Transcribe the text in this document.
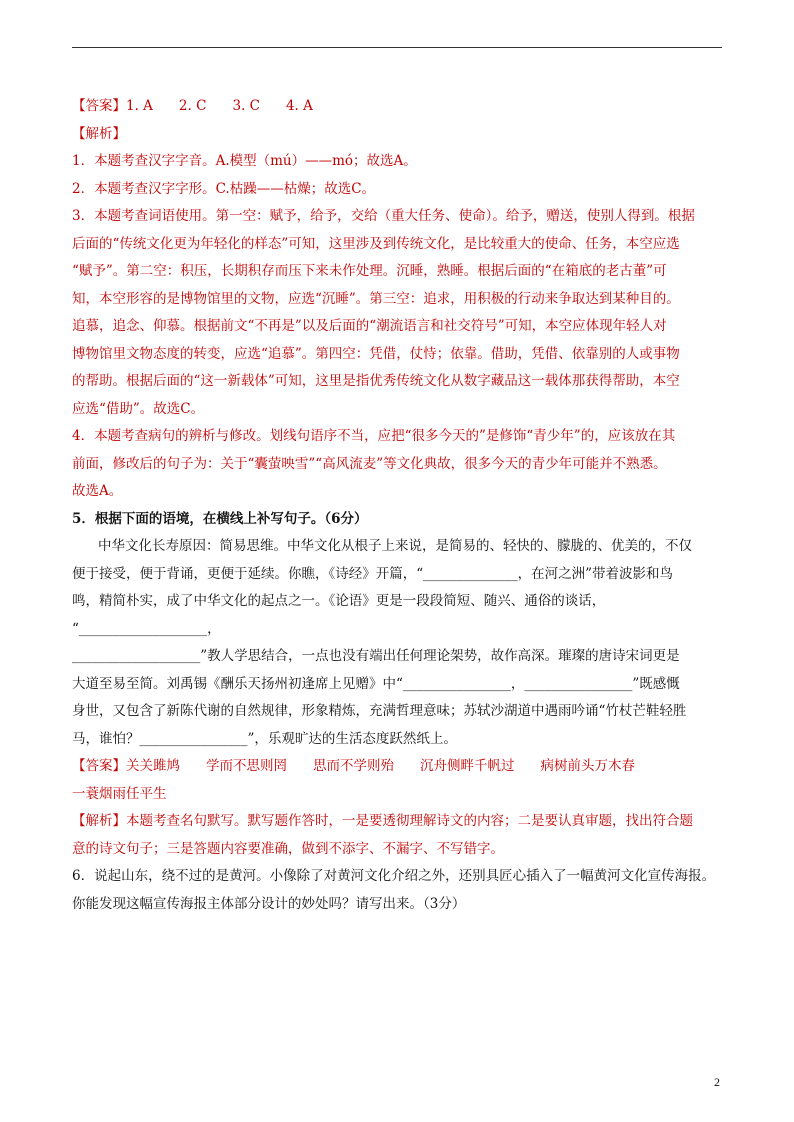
【答案】1. A 2. C 3. C 4. A
【解析】
1．本题考查汉字字音。A.模型（mú）——mó；故选A。
2．本题考查汉字字形。C.枯躁——枯燥；故选C。
3．本题考查词语使用。第一空：赋予，给予，交给（重大任务、使命）。给予，赠送，使别人得到。根据
后面的“传统文化更为年轻化的样态”可知，这里涉及到传统文化，是比较重大的使命、任务，本空应选
“赋予”。第二空：积压，长期积存而压下来未作处理。沉睡，熟睡。根据后面的“在箱底的老古董”可
知，本空形容的是博物馆里的文物，应选“沉睡”。第三空：追求，用积极的行动来争取达到某种目的。
追慕，追念、仰慕。根据前文“不再是”以及后面的“潮流语言和社交符号”可知，本空应体现年轻人对
博物馆里文物态度的转变，应选“追慕”。第四空：凭借，仗恃；依靠。借助，凭借、依靠别的人或事物
的帮助。根据后面的“这一新载体”可知，这里是指优秀传统文化从数字藏品这一载体那获得帮助，本空
应选“借助”。故选C。
4．本题考查病句的辨析与修改。划线句语序不当，应把“很多今天的”是修饰“青少年”的，应该放在其
前面，修改后的句子为：关于“囊萤映雪”“高风流麦”等文化典故，很多今天的青少年可能并不熟悉。
故选A。
5．根据下面的语境，在横线上补写句子。（6分）
中华文化长寿原因：简易思维。中华文化从根子上来说，是简易的、轻快的、朦胧的、优美的，不仅
便于接受，便于背诵，更便于延续。你瞧，《诗经》开篇，“______________，在河之洲”带着波影和鸟
鸣，精简朴实，成了中华文化的起点之一。《论语》更是一段段简短、随兴、通俗的谈话，
“___________________，
___________________”教人学思结合，一点也没有端出任何理论架势，故作高深。璀璨的唐诗宋词更是
大道至易至简。刘禹锡《酬乐天扬州初逢席上见赠》中“________________，________________”既感慨
身世，又包含了新陈代谢的自然规律，形象精炼，充满哲理意味；苏轼沙湖道中遇雨吟诵“竹杖芒鞋轻胜
马，谁怕？________________”，乐观旷达的生活态度跃然纸上。
【答案】关关雎鸠 学而不思则罔 思而不学则殆 沉舟侧畔千帆过 病树前头万木春
一蓑烟雨任平生
【解析】本题考查名句默写。默写题作答时，一是要透彻理解诗文的内容；二是要认真审题，找出符合题
意的诗文句子；三是答题内容要准确，做到不添字、不漏字、不写错字。
6．说起山东，绕不过的是黄河。小像除了对黄河文化介绍之外，还别具匠心插入了一幅黄河文化宣传海报。
你能发现这幅宣传海报主体部分设计的妙处吗？请写出来。（3分）
2
